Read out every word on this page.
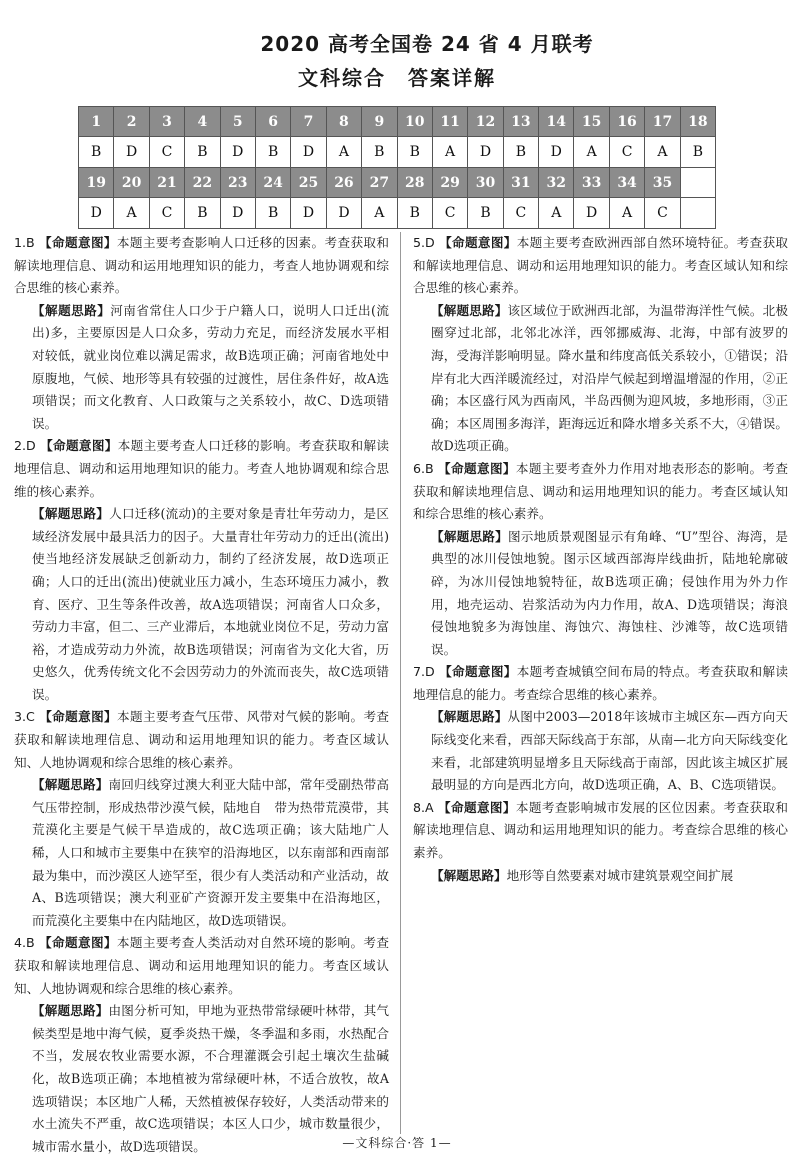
2020 高考全国卷 24 省 4 月联考
文科综合　答案详解
1	2	3	4	5	6	7	8	9	10	11	12	13	14	15	16	17	18
B	D	C	B	D	B	D	A	B	B	A	D	B	D	A	C	A	B
19	20	21	22	23	24	25	26	27	28	29	30	31	32	33	34	35	
D	A	C	B	D	B	D	D	A	B	C	B	C	A	D	A	C	

1.B 【命题意图】本题主要考查影响人口迁移的因素。考查获取和解读地理信息、调动和运用地理知识的能力，考查人地协调观和综合思维的核心素养。

【解题思路】河南省常住人口少于户籍人口，说明人口迁出(流出)多，主要原因是人口众多，劳动力充足，而经济发展水平相对较低，就业岗位难以满足需求，故B选项正确；河南省地处中原腹地，气候、地形等具有较强的过渡性，居住条件好，故A选项错误；而文化教育、人口政策与之关系较小，故C、D选项错误。

2.D 【命题意图】本题主要考查人口迁移的影响。考查获取和解读地理信息、调动和运用地理知识的能力。考查人地协调观和综合思维的核心素养。

【解题思路】人口迁移(流动)的主要对象是青壮年劳动力，是区域经济发展中最具活力的因子。大量青壮年劳动力的迁出(流出)使当地经济发展缺乏创新动力，制约了经济发展，故D选项正确；人口的迁出(流出)使就业压力减小，生态环境压力减小，教育、医疗、卫生等条件改善，故A选项错误；河南省人口众多，劳动力丰富，但二、三产业滞后，本地就业岗位不足，劳动力富裕，才造成劳动力外流，故B选项错误；河南省为文化大省，历史悠久，优秀传统文化不会因劳动力的外流而丧失，故C选项错误。

3.C 【命题意图】本题主要考查气压带、风带对气候的影响。考查获取和解读地理信息、调动和运用地理知识的能力。考查区域认知、人地协调观和综合思维的核心素养。

【解题思路】南回归线穿过澳大利亚大陆中部，常年受副热带高气压带控制，形成热带沙漠气候，陆地自　带为热带荒漠带，其荒漠化主要是气候干旱造成的，故C选项正确；该大陆地广人稀，人口和城市主要集中在狭窄的沿海地区，以东南部和西南部最为集中，而沙漠区人迹罕至，很少有人类活动和产业活动，故A、B选项错误；澳大利亚矿产资源开发主要集中在沿海地区，而荒漠化主要集中在内陆地区，故D选项错误。

4.B 【命题意图】本题主要考查人类活动对自然环境的影响。考查获取和解读地理信息、调动和运用地理知识的能力。考查区域认知、人地协调观和综合思维的核心素养。

【解题思路】由图分析可知，甲地为亚热带常绿硬叶林带，其气候类型是地中海气候，夏季炎热干燥，冬季温和多雨，水热配合不当，发展农牧业需要水源，不合理灌溉会引起土壤次生盐碱化，故B选项正确；本地植被为常绿硬叶林，不适合放牧，故A选项错误；本区地广人稀，天然植被保存较好，人类活动带来的水土流失不严重，故C选项错误；本区人口少，城市数量很少，城市需水量小，故D选项错误。

5.D 【命题意图】本题主要考查欧洲西部自然环境特征。考查获取和解读地理信息、调动和运用地理知识的能力。考查区域认知和综合思维的核心素养。

【解题思路】该区域位于欧洲西北部，为温带海洋性气候。北极圈穿过北部，北邻北冰洋，西邻挪威海、北海，中部有波罗的海，受海洋影响明显。降水量和纬度高低关系较小，①错误；沿岸有北大西洋暖流经过，对沿岸气候起到增温增湿的作用，②正确；本区盛行风为西南风，半岛西侧为迎风坡，多地形雨，③正确；本区周围多海洋，距海远近和降水增多关系不大，④错误。故D选项正确。

6.B 【命题意图】本题主要考查外力作用对地表形态的影响。考查获取和解读地理信息、调动和运用地理知识的能力。考查区域认知和综合思维的核心素养。

【解题思路】图示地质景观图显示有角峰、“U”型谷、海湾，是典型的冰川侵蚀地貌。图示区域西部海岸线曲折，陆地轮廓破碎，为冰川侵蚀地貌特征，故B选项正确；侵蚀作用为外力作用，地壳运动、岩浆活动为内力作用，故A、D选项错误；海浪侵蚀地貌多为海蚀崖、海蚀穴、海蚀柱、沙滩等，故C选项错误。

7.D 【命题意图】本题考查城镇空间布局的特点。考查获取和解读地理信息的能力。考查综合思维的核心素养。

【解题思路】从图中2003—2018年该城市主城区东—西方向天际线变化来看，西部天际线高于东部，从南—北方向天际线变化来看，北部建筑明显增多且天际线高于南部，因此该主城区扩展最明显的方向是西北方向，故D选项正确，A、B、C选项错误。

8.A 【命题意图】本题考查影响城市发展的区位因素。考查获取和解读地理信息、调动和运用地理知识的能力。考查综合思维的核心素养。

【解题思路】地形等自然要素对城市建筑景观空间扩展

—文科综合·答 1—
